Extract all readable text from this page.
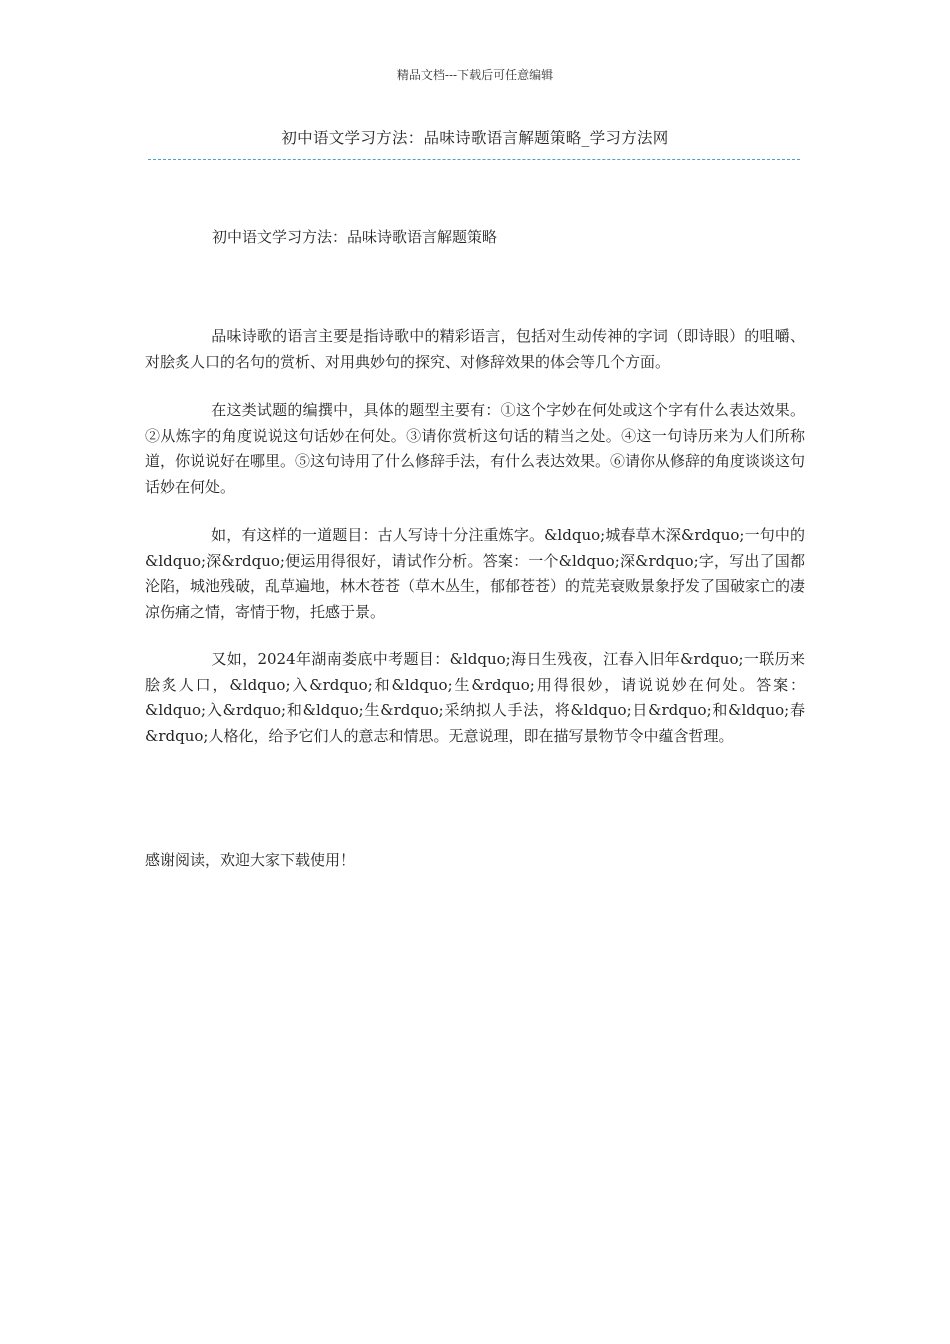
精品文档---下载后可任意编辑
初中语文学习方法：品味诗歌语言解题策略_学习方法网
初中语文学习方法：品味诗歌语言解题策略
品味诗歌的语言主要是指诗歌中的精彩语言，包括对生动传神的字词（即诗眼）的咀嚼、对脍炙人口的名句的赏析、对用典妙句的探究、对修辞效果的体会等几个方面。
在这类试题的编撰中，具体的题型主要有：①这个字妙在何处或这个字有什么表达效果。②从炼字的角度说说这句话妙在何处。③请你赏析这句话的精当之处。④这一句诗历来为人们所称道，你说说好在哪里。⑤这句诗用了什么修辞手法，有什么表达效果。⑥请你从修辞的角度谈谈这句话妙在何处。
如，有这样的一道题目：古人写诗十分注重炼字。&ldquo;城春草木深&rdquo;一句中的&ldquo;深&rdquo;便运用得很好，请试作分析。答案：一个&ldquo;深&rdquo;字，写出了国都沦陷，城池残破，乱草遍地，林木苍苍（草木丛生，郁郁苍苍）的荒芜衰败景象抒发了国破家亡的凄凉伤痛之情，寄情于物，托感于景。
又如，2024年湖南娄底中考题目：&ldquo;海日生残夜，江春入旧年&rdquo;一联历来脍炙人口，&ldquo;入&rdquo;和&ldquo;生&rdquo;用得很妙，请说说妙在何处。答案：&ldquo;入&rdquo;和&ldquo;生&rdquo;采纳拟人手法，将&ldquo;日&rdquo;和&ldquo;春&rdquo;人格化，给予它们人的意志和情思。无意说理，即在描写景物节令中蕴含哲理。
感谢阅读，欢迎大家下载使用！
